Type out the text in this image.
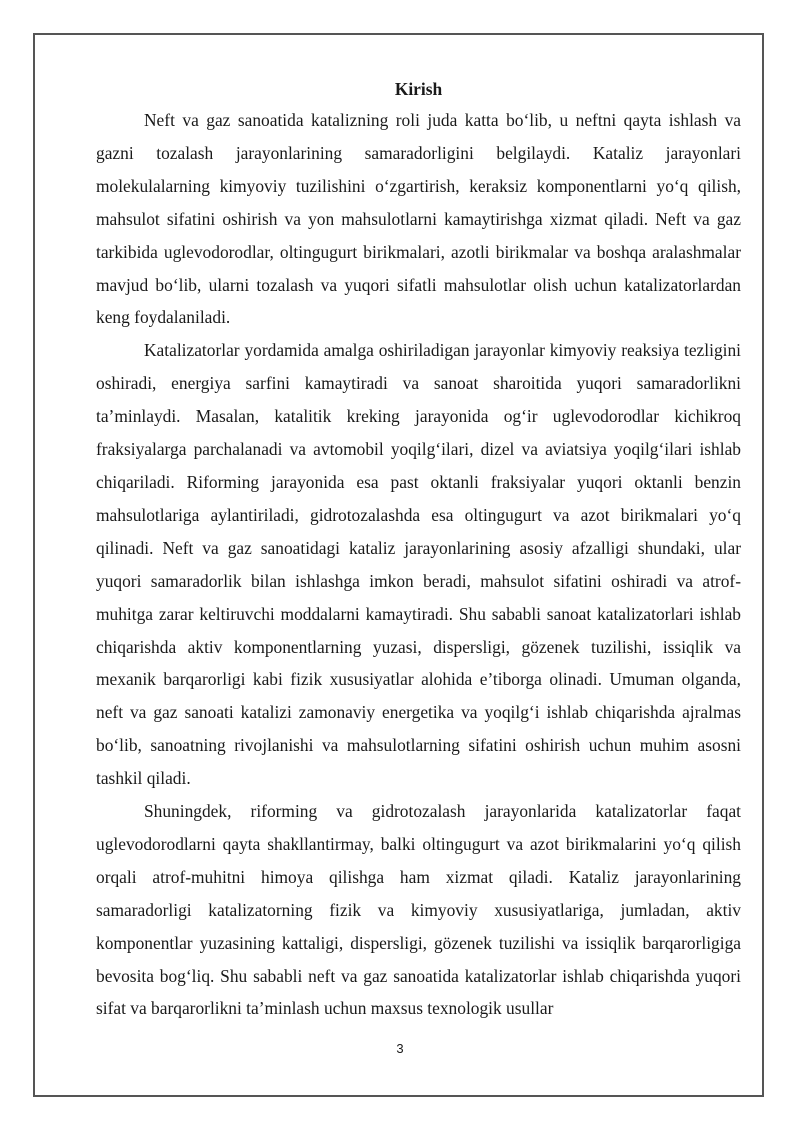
Kirish

Neft va gaz sanoatida katalizning roli juda katta bo‘lib, u neftni qayta ishlash va gazni tozalash jarayonlarining samaradorligini belgilaydi. Kataliz jarayonlari molekulalarning kimyoviy tuzilishini o‘zgartirish, keraksiz komponentlarni yo‘q qilish, mahsulot sifatini oshirish va yon mahsulotlarni kamaytirishga xizmat qiladi. Neft va gaz tarkibida uglevodorodlar, oltingugurt birikmalari, azotli birikmalar va boshqa aralashmalar mavjud bo‘lib, ularni tozalash va yuqori sifatli mahsulotlar olish uchun katalizatorlardan keng foydalaniladi.

Katalizatorlar yordamida amalga oshiriladigan jarayonlar kimyoviy reaksiya tezligini oshiradi, energiya sarfini kamaytiradi va sanoat sharoitida yuqori samaradorlikni ta’minlaydi. Masalan, katalitik kreking jarayonida og‘ir uglevodorodlar kichikroq fraksiyalarga parchalanadi va avtomobil yoqilg‘ilari, dizel va aviatsiya yoqilg‘ilari ishlab chiqariladi. Riforming jarayonida esa past oktanli fraksiyalar yuqori oktanli benzin mahsulotlariga aylantiriladi, gidrotozalashda esa oltingugurt va azot birikmalari yo‘q qilinadi. Neft va gaz sanoatidagi kataliz jarayonlarining asosiy afzalligi shundaki, ular yuqori samaradorlik bilan ishlashga imkon beradi, mahsulot sifatini oshiradi va atrof-muhitga zarar keltiruvchi moddalarni kamaytiradi. Shu sababli sanoat katalizatorlari ishlab chiqarishda aktiv komponentlarning yuzasi, dispersligi, gözenek tuzilishi, issiqlik va mexanik barqarorligi kabi fizik xususiyatlar alohida e’tiborga olinadi. Umuman olganda, neft va gaz sanoati katalizi zamonaviy energetika va yoqilg‘i ishlab chiqarishda ajralmas bo‘lib, sanoatning rivojlanishi va mahsulotlarning sifatini oshirish uchun muhim asosni tashkil qiladi.

Shuningdek, riforming va gidrotozalash jarayonlarida katalizatorlar faqat uglevodorodlarni qayta shakllantirmay, balki oltingugurt va azot birikmalarini yo‘q qilish orqali atrof-muhitni himoya qilishga ham xizmat qiladi. Kataliz jarayonlarining samaradorligi katalizatorning fizik va kimyoviy xususiyatlariga, jumladan, aktiv komponentlar yuzasining kattaligi, dispersligi, gözenek tuzilishi va issiqlik barqarorligiga bevosita bog‘liq. Shu sababli neft va gaz sanoatida katalizatorlar ishlab chiqarishda yuqori sifat va barqarorlikni ta’minlash uchun maxsus texnologik usullar

3
